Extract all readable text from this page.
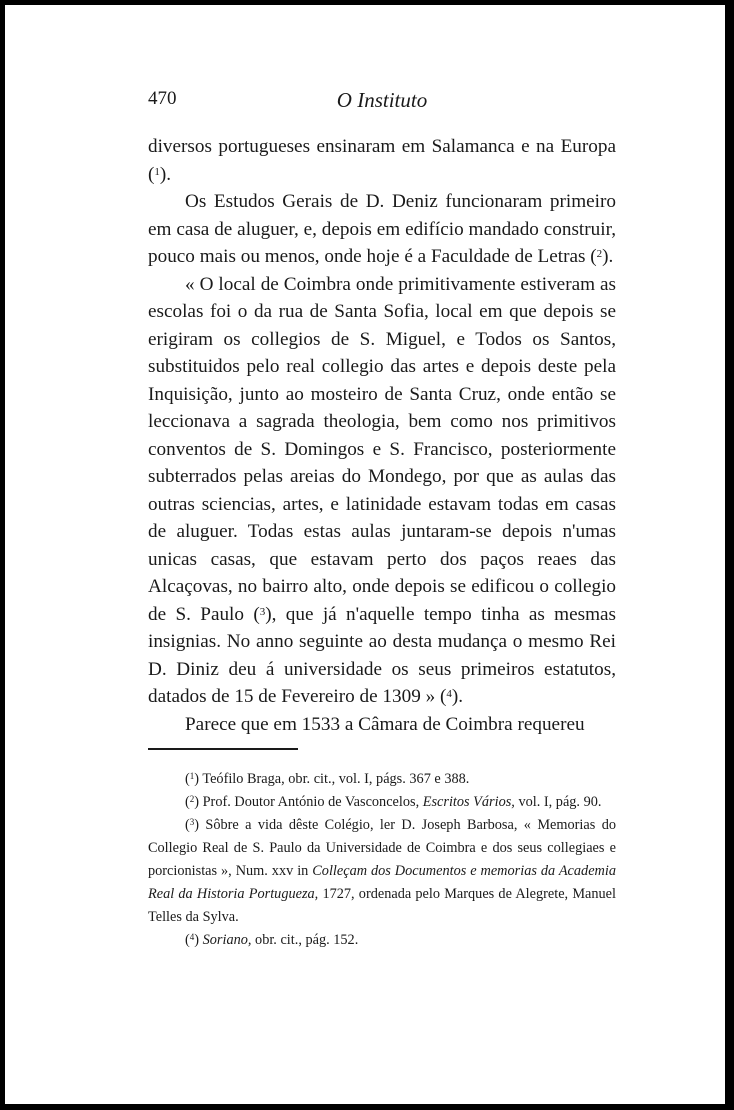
470	O Instituto

diversos portugueses ensinaram em Salamanca e na Europa ($^1$).

Os Estudos Gerais de D. Deniz funcionaram primeiro em casa de aluguer, e, depois em edifício mandado construir, pouco mais ou menos, onde hoje é a Faculdade de Letras ($^2$).

« O local de Coimbra onde primitivamente estiveram as escolas foi o da rua de Santa Sofia, local em que depois se erigiram os collegios de S. Miguel, e Todos os Santos, substituidos pelo real collegio das artes e depois deste pela Inquisição, junto ao mosteiro de Santa Cruz, onde então se leccionava a sagrada theologia, bem como nos primitivos conventos de S. Domingos e S. Francisco, posteriormente subterrados pelas areias do Mondego, por que as aulas das outras sciencias, artes, e latinidade estavam todas em casas de aluguer. Todas estas aulas juntaram-se depois n'umas unicas casas, que estavam perto dos paços reaes das Alcaçovas, no bairro alto, onde depois se edificou o collegio de S. Paulo ($^3$), que já n'aquelle tempo tinha as mesmas insignias. No anno seguinte ao desta mudança o mesmo Rei D. Diniz deu á universidade os seus primeiros estatutos, datados de 15 de Fevereiro de 1309 » ($^4$).

Parece que em 1533 a Câmara de Coimbra requereu

($^1$) Teófilo Braga, obr. cit., vol. I, págs. 367 e 388.

($^2$) Prof. Doutor António de Vasconcelos, Escritos Vários, vol. I, pág. 90.

($^3$) Sôbre a vida dêste Colégio, ler D. Joseph Barbosa, « Memorias do Collegio Real de S. Paulo da Universidade de Coimbra e dos seus collegiaes e porcionistas », Num. xxv in Colleçam dos Documentos e memorias da Academia Real da Historia Portugueza, 1727, ordenada pelo Marques de Alegrete, Manuel Telles da Sylva.

($^4$) Soriano, obr. cit., pág. 152.
